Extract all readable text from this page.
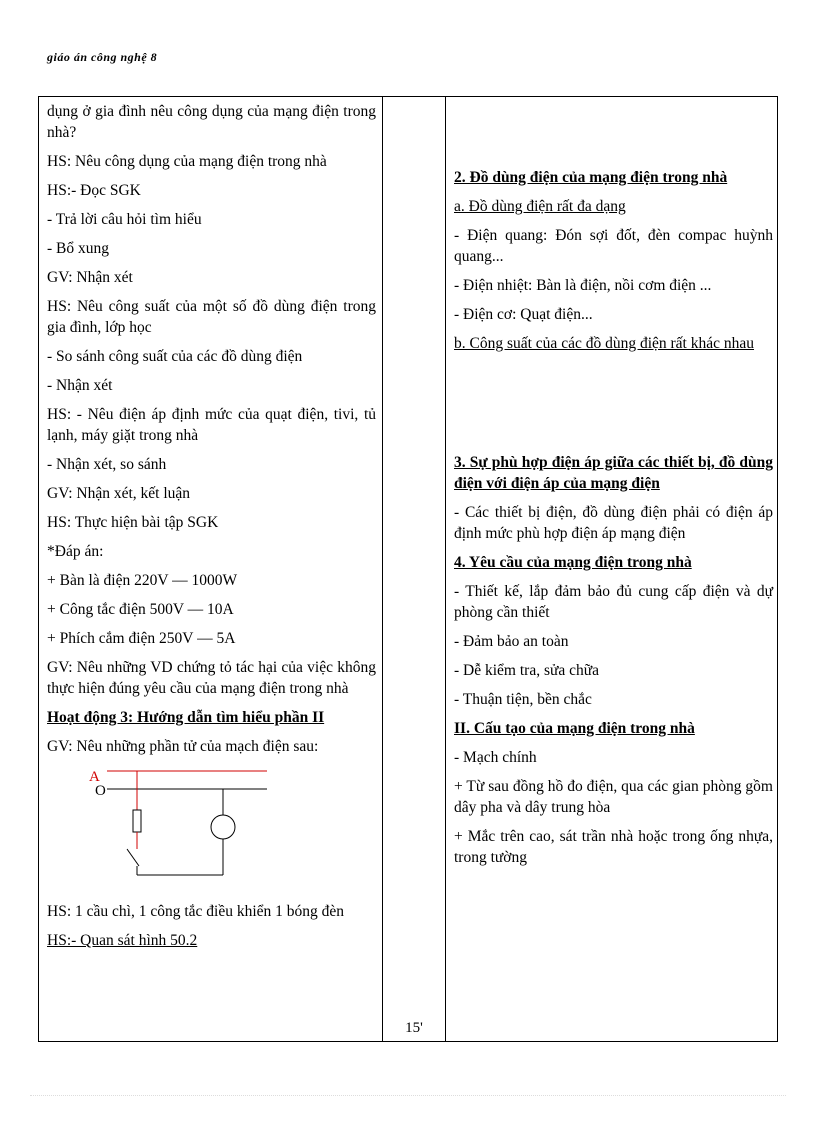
giáo án công nghệ 8

dụng ở gia đình nêu công dụng của mạng điện trong nhà?

HS: Nêu công dụng của mạng điện trong nhà

HS:- Đọc SGK

- Trả lời câu hỏi tìm hiểu

- Bổ xung

GV: Nhận xét

HS: Nêu công suất của một số đồ dùng điện trong gia đình, lớp học

- So sánh công suất của các đồ dùng điện

- Nhận xét

HS: - Nêu điện áp định mức của quạt điện, tivi, tủ lạnh, máy giặt trong nhà

- Nhận xét, so sánh

GV: Nhận xét, kết luận

HS: Thực hiện bài tập SGK

*Đáp án:

+ Bàn là điện 220V — 1000W

+ Công tắc điện 500V — 10A

+ Phích cắm điện 250V — 5A

GV: Nêu những VD chứng tỏ tác hại của việc không thực hiện đúng yêu cầu của mạng điện trong nhà

Hoạt động 3: Hướng dẫn tìm hiểu phần II

GV: Nêu những phần tử của mạch điện sau:

A
O

HS: 1 cầu chì, 1 công tắc điều khiển 1 bóng đèn

HS:- Quan sát hình 50.2

15'

2. Đồ dùng điện của mạng điện trong nhà

a. Đồ dùng điện rất đa dạng

- Điện quang: Đón sợi đốt, đèn compac huỳnh quang...

- Điện nhiệt: Bàn là điện, nồi cơm điện ...

- Điện cơ: Quạt điện...

b. Công suất của các đồ dùng điện rất khác nhau

3. Sự phù hợp điện áp giữa các thiết bị, đồ dùng điện với điện áp của mạng điện

- Các thiết bị điện, đồ dùng điện phải có điện áp định mức phù hợp điện áp mạng điện

4. Yêu cầu của mạng điện trong nhà

- Thiết kế, lắp đảm bảo đủ cung cấp điện và dự phòng cần thiết

- Đảm bảo an toàn

- Dễ kiểm tra, sửa chữa

- Thuận tiện, bền chắc

II. Cấu tạo của mạng điện trong nhà

- Mạch chính

+ Từ sau đồng hồ đo điện, qua các gian phòng gồm dây pha và dây trung hòa

+ Mắc trên cao, sát trần nhà hoặc trong ống nhựa, trong tường
